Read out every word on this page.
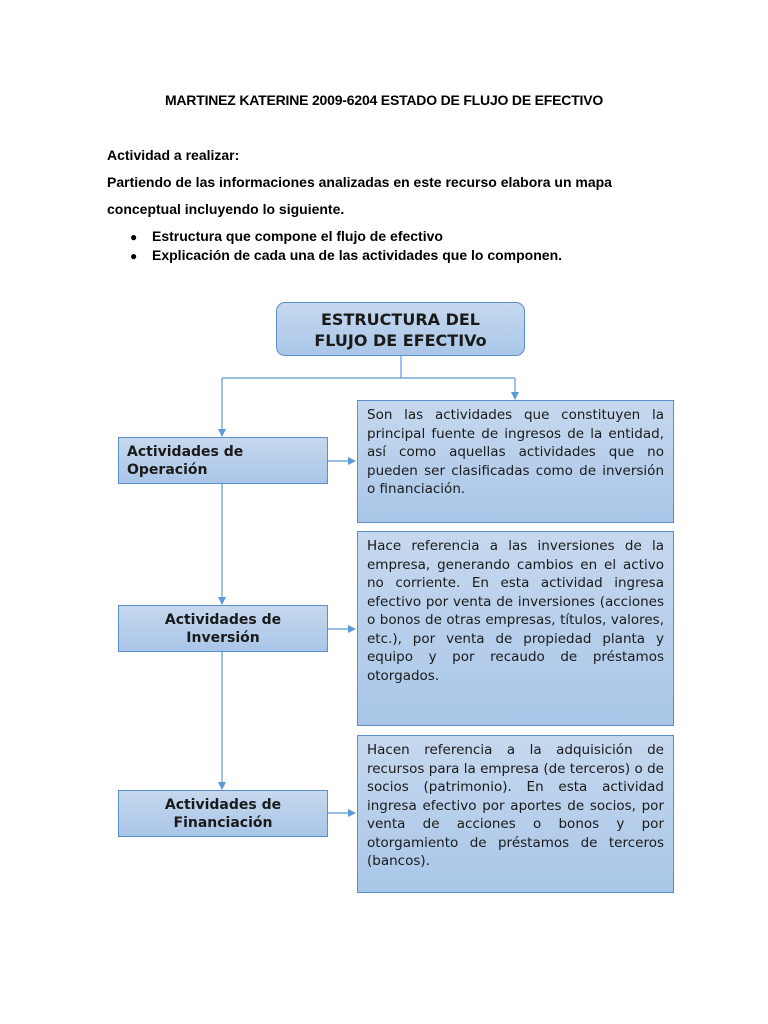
MARTINEZ KATERINE 2009-6204 ESTADO DE FLUJO DE EFECTIVO
Actividad a realizar:
Partiendo de las informaciones analizadas en este recurso elabora un mapa
conceptual incluyendo lo siguiente.
● Estructura que compone el flujo de efectivo
● Explicación de cada una de las actividades que lo componen.
ESTRUCTURA DEL
FLUJO DE EFECTIVo
Actividades de
Operación
Actividades de
Inversión
Actividades de
Financiación
Son las actividades que constituyen la principal fuente de ingresos de la entidad, así como aquellas actividades que no pueden ser clasificadas como de inversión o financiación.
Hace referencia a las inversiones de la empresa, generando cambios en el activo no corriente. En esta actividad ingresa efectivo por venta de inversiones (acciones o bonos de otras empresas, títulos, valores, etc.), por venta de propiedad planta y equipo y por recaudo de préstamos otorgados.
Hacen referencia a la adquisición de recursos para la empresa (de terceros) o de socios (patrimonio). En esta actividad ingresa efectivo por aportes de socios, por venta de acciones o bonos y por otorgamiento de préstamos de terceros (bancos).
